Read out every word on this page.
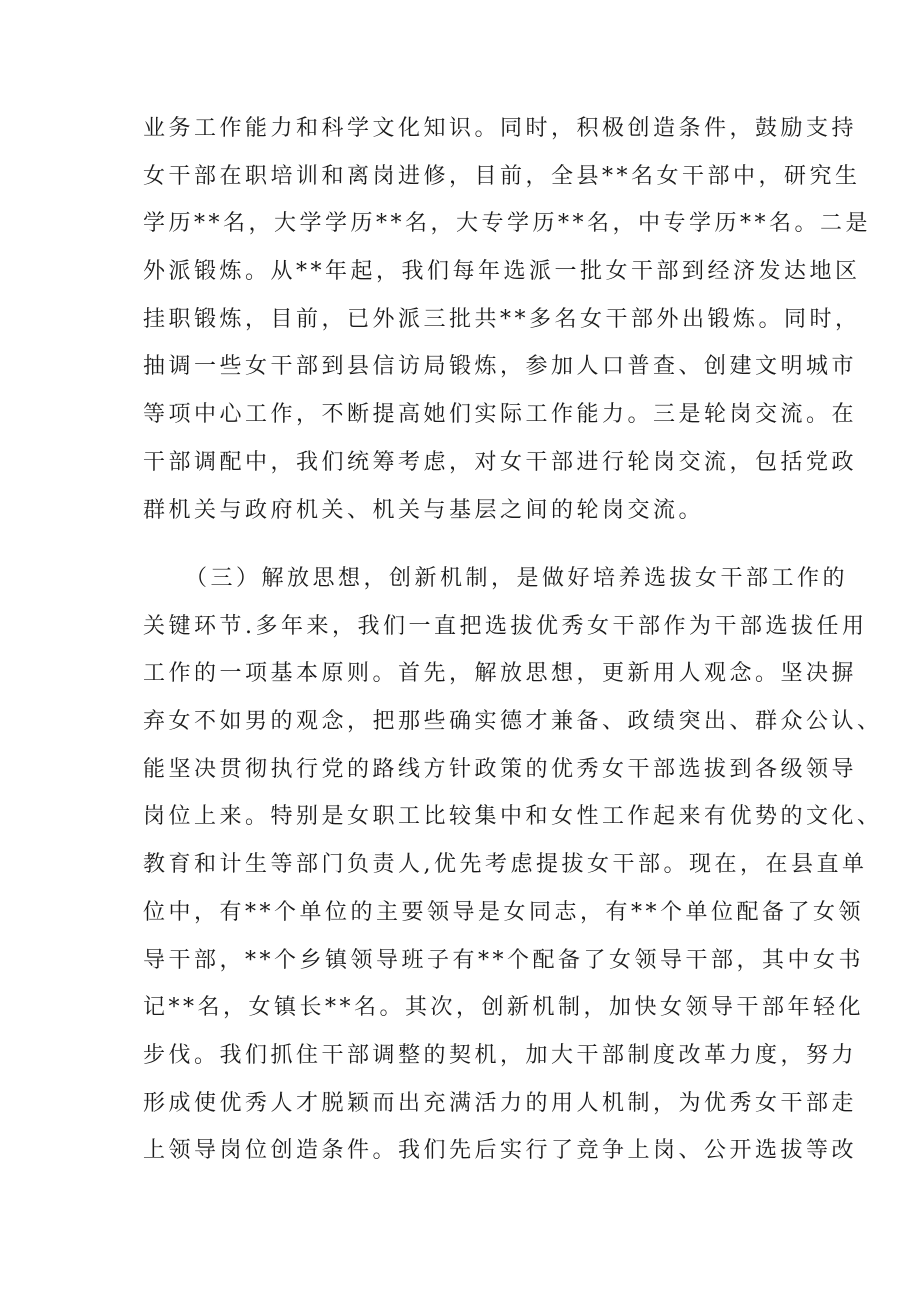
业务工作能力和科学文化知识。同时，积极创造条件，鼓励支持
女干部在职培训和离岗进修，目前，全县**名女干部中，研究生
学历**名，大学学历**名，大专学历**名，中专学历**名。二是
外派锻炼。从**年起，我们每年选派一批女干部到经济发达地区
挂职锻炼，目前，已外派三批共**多名女干部外出锻炼。同时，
抽调一些女干部到县信访局锻炼，参加人口普查、创建文明城市
等项中心工作，不断提高她们实际工作能力。三是轮岗交流。在
干部调配中，我们统筹考虑，对女干部进行轮岗交流，包括党政
群机关与政府机关、机关与基层之间的轮岗交流。
（三）解放思想，创新机制，是做好培养选拔女干部工作的
关键环节.多年来，我们一直把选拔优秀女干部作为干部选拔任用
工作的一项基本原则。首先，解放思想，更新用人观念。坚决摒
弃女不如男的观念，把那些确实德才兼备、政绩突出、群众公认、
能坚决贯彻执行党的路线方针政策的优秀女干部选拔到各级领导
岗位上来。特别是女职工比较集中和女性工作起来有优势的文化、
教育和计生等部门负责人,优先考虑提拔女干部。现在，在县直单
位中，有**个单位的主要领导是女同志，有**个单位配备了女领
导干部，**个乡镇领导班子有**个配备了女领导干部，其中女书
记**名，女镇长**名。其次，创新机制，加快女领导干部年轻化
步伐。我们抓住干部调整的契机，加大干部制度改革力度，努力
形成使优秀人才脱颖而出充满活力的用人机制，为优秀女干部走
上领导岗位创造条件。我们先后实行了竞争上岗、公开选拔等改
